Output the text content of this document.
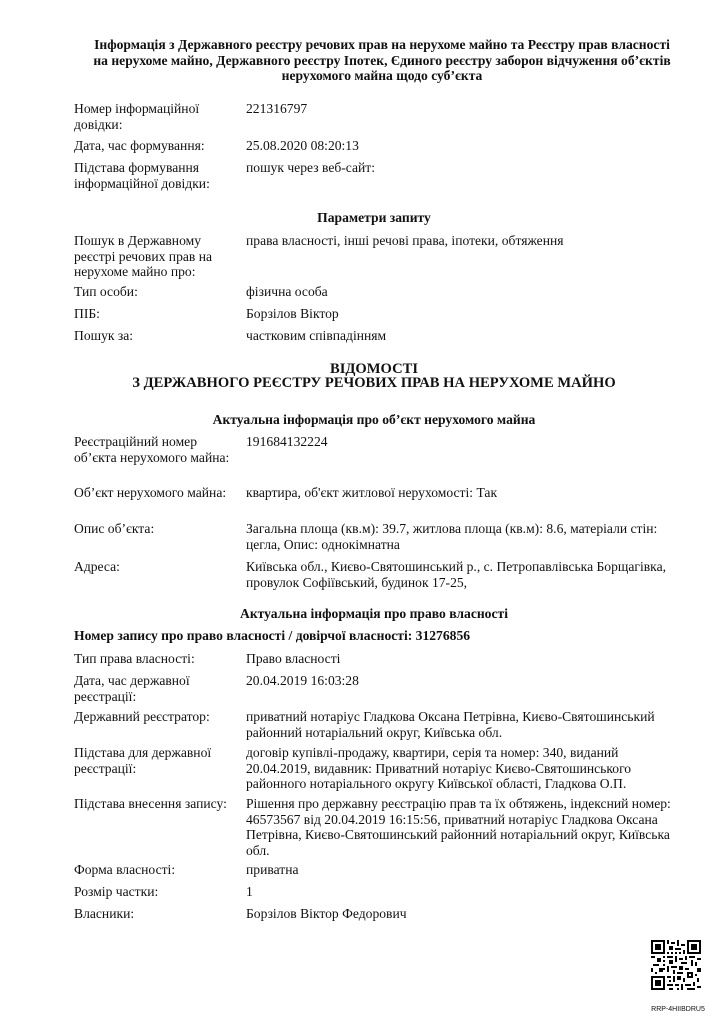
Інформація з Державного реєстру речових прав на нерухоме майно та Реєстру прав власності на нерухоме майно, Державного реєстру Іпотек, Єдиного реєстру заборон відчуження об’єктів нерухомого майна щодо суб’єкта
Номер інформаційної довідки:
221316797
Дата, час формування:	25.08.2020 08:20:13
Підстава формування інформаційної довідки:
пошук через веб-сайт:
Параметри запиту
Пошук в Державному реєстрі речових прав на нерухоме майно про:
права власності, інші речові права, іпотеки, обтяження
Тип особи:	фізична особа
ПІБ:	Борзілов Віктор
Пошук за:	частковим співпадінням
ВІДОМОСТІ
З ДЕРЖАВНОГО РЕЄСТРУ РЕЧОВИХ ПРАВ НА НЕРУХОМЕ МАЙНО
Актуальна інформація про об’єкт нерухомого майна
Реєстраційний номер об’єкта нерухомого майна:
191684132224
Об’єкт нерухомого майна:	квартира, об'єкт житлової нерухомості: Так
Опис об’єкта:	Загальна площа (кв.м): 39.7, житлова площа (кв.м): 8.6, матеріали стін: цегла, Опис: однокімнатна
Адреса:	Київська обл., Києво-Святошинський р., с. Петропавлівська Борщагівка, провулок Софіївський, будинок 17-25,
Актуальна інформація про право власності
Номер запису про право власності / довірчої власності: 31276856
Тип права власності:	Право власності
Дата, час державної реєстрації:
20.04.2019 16:03:28
Державний реєстратор:	приватний нотаріус Гладкова Оксана Петрівна, Києво-Святошинський районний нотаріальний округ, Київська обл.
Підстава для державної реєстрації:
договір купівлі-продажу, квартири, серія та номер: 340, виданий 20.04.2019, видавник: Приватний нотаріус Києво-Святошинського районного нотаріального округу Київської області, Гладкова О.П.
Підстава внесення запису:	Рішення про державну реєстрацію прав та їх обтяжень, індексний номер: 46573567 від 20.04.2019 16:15:56, приватний нотаріус Гладкова Оксана Петрівна, Києво-Святошинський районний нотаріальний округ, Київська обл.
Форма власності:	приватна
Розмір частки:	1
Власники:	Борзілов Віктор Федорович
RRP-4HIIBDRU5
